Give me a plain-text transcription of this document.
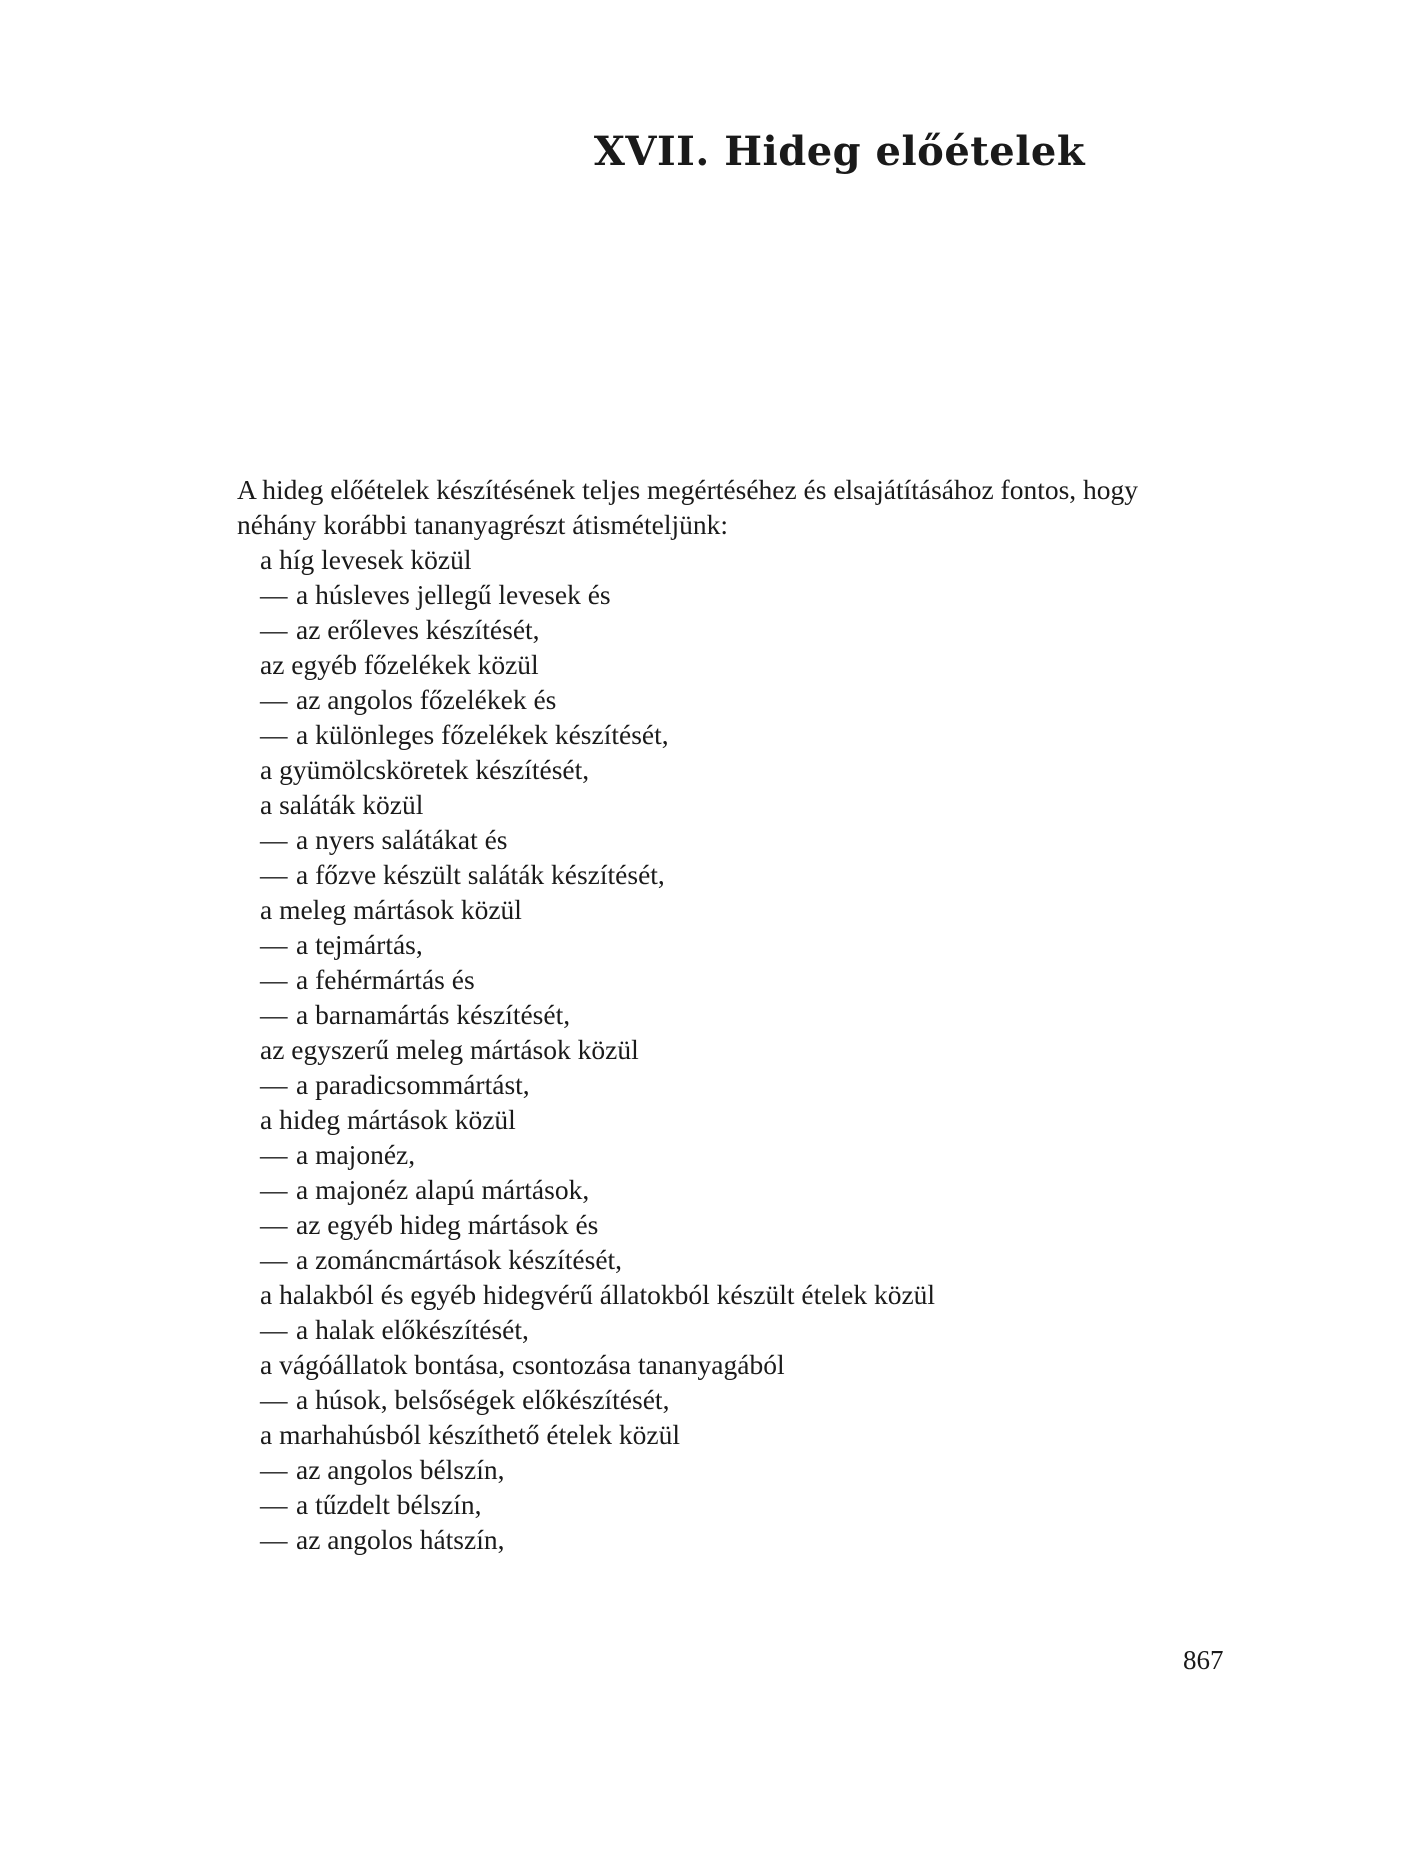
XVII. Hideg előételek
A hideg előételek készítésének teljes megértéséhez és elsajátításához fontos, hogy
néhány korábbi tananyagrészt átismételjünk:
a híg levesek közül
— a húsleves jellegű levesek és
— az erőleves készítését,
az egyéb főzelékek közül
— az angolos főzelékek és
— a különleges főzelékek készítését,
a gyümölcsköretek készítését,
a saláták közül
— a nyers salátákat és
— a főzve készült saláták készítését,
a meleg mártások közül
— a tejmártás,
— a fehérmártás és
— a barnamártás készítését,
az egyszerű meleg mártások közül
— a paradicsommártást,
a hideg mártások közül
— a majonéz,
— a majonéz alapú mártások,
— az egyéb hideg mártások és
— a zománcmártások készítését,
a halakból és egyéb hidegvérű állatokból készült ételek közül
— a halak előkészítését,
a vágóállatok bontása, csontozása tananyagából
— a húsok, belsőségek előkészítését,
a marhahúsból készíthető ételek közül
— az angolos bélszín,
— a tűzdelt bélszín,
— az angolos hátszín,
867
